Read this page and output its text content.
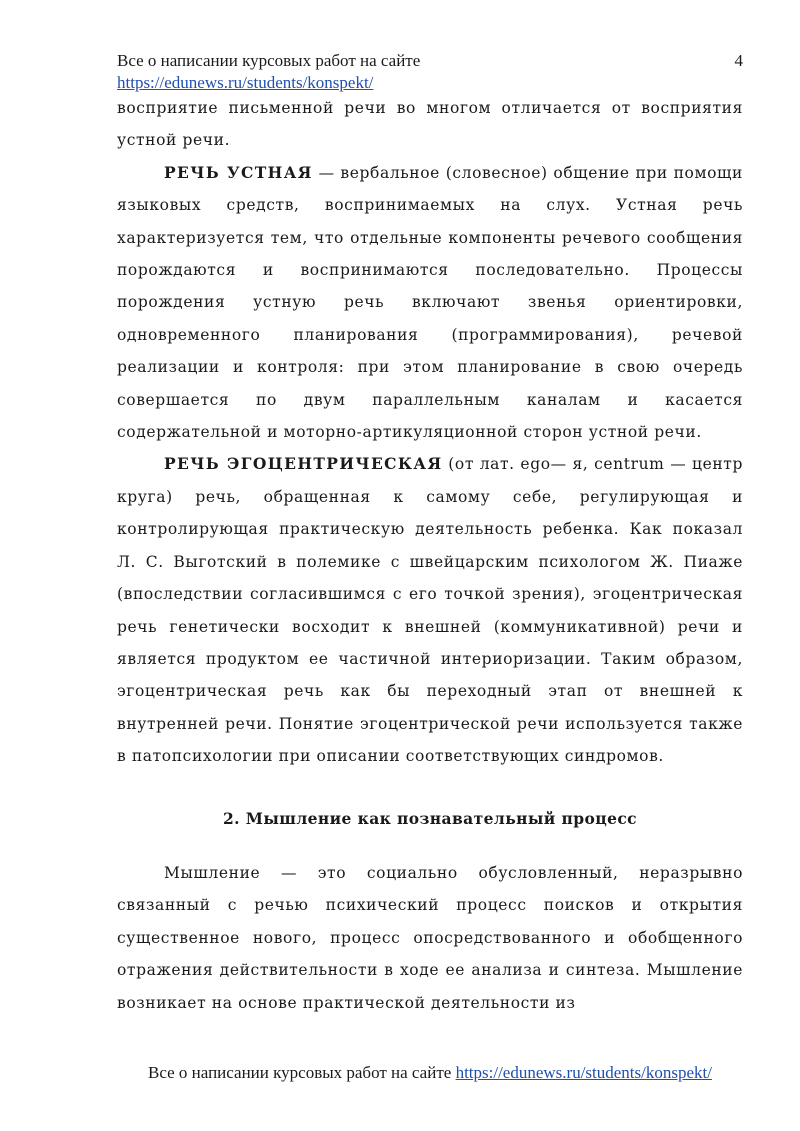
Все о написании курсовых работ на сайте
https://edunews.ru/students/konspekt/
4

восприятие письменной речи во многом отличается от восприятия устной речи.

РЕЧЬ УСТНАЯ — вербальное (словесное) общение при помощи языковых средств, воспринимаемых на слух. Устная речь характеризуется тем, что отдельные компоненты речевого сообщения порождаются и воспринимаются последовательно. Процессы порождения устную речь включают звенья ориентировки, одновременного планирования (программирования), речевой реализации и контроля: при этом планирование в свою очередь совершается по двум параллельным каналам и касается содержательной и моторно-артикуляционной сторон устной речи.

РЕЧЬ ЭГОЦЕНТРИЧЕСКАЯ (от лат. ego— я, centrum — центр круга) речь, обращенная к самому себе, регулирующая и контролирующая практическую деятельность ребенка. Как показал Л. С. Выготский в полемике с швейцарским психологом Ж. Пиаже (впоследствии согласившимся с его точкой зрения), эгоцентрическая речь генетически восходит к внешней (коммуникативной) речи и является продуктом ее частичной интериоризации. Таким образом, эгоцентрическая речь как бы переходный этап от внешней к внутренней речи. Понятие эгоцентрической речи используется также в патопсихологии при описании соответствующих синдромов.

2. Мышление как познавательный процесс

Мышление — это социально обусловленный, неразрывно связанный с речью психический процесс поисков и открытия существенное нового, процесс опосредствованного и обобщенного отражения действительности в ходе ее анализа и синтеза. Мышление возникает на основе практической деятельности из

Все о написании курсовых работ на сайте https://edunews.ru/students/konspekt/
